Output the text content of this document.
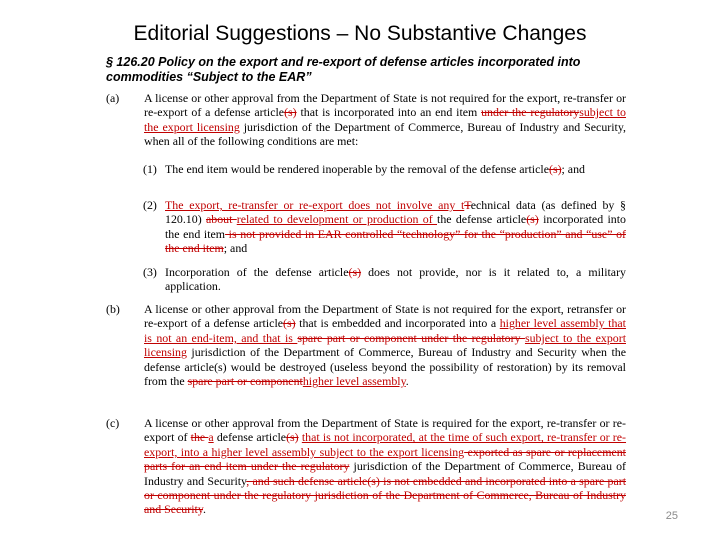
Editorial Suggestions – No Substantive Changes
§ 126.20 Policy on the export and re-export of defense articles incorporated into
commodities “Subject to the EAR”
(a)	A license or other approval from the Department of State is not required for the export, re-transfer or re-export of a defense article(s) that is incorporated into an end item under the regulatorysubject to the export licensing jurisdiction of the Department of Commerce, Bureau of Industry and Security, when all of the following conditions are met:
(1) The end item would be rendered inoperable by the removal of the defense article(s); and
(2) The export, re-transfer or re-export does not involve any tTechnical data (as defined by § 120.10) about related to development or production of the defense article(s) incorporated into the end item is not provided in EAR controlled “technology” for the “production” and “use” of the end item; and
(3) Incorporation of the defense article(s) does not provide, nor is it related to, a military application.
(b)	A license or other approval from the Department of State is not required for the export, retransfer or re-export of a defense article(s) that is embedded and incorporated into a higher level assembly that is not an end-item, and that is spare part or component under the regulatory subject to the export licensing jurisdiction of the Department of Commerce, Bureau of Industry and Security when the defense article(s) would be destroyed (useless beyond the possibility of restoration) by its removal from the spare part or componenthigher level assembly.
(c)	A license or other approval from the Department of State is required for the export, re-transfer or re-export of the a defense article(s) that is not incorporated, at the time of such export, re-transfer or re-export, into a higher level assembly subject to the export licensing exported as spare or replacement parts for an end item under the regulatory jurisdiction of the Department of Commerce, Bureau of Industry and Security, and such defense article(s) is not embedded and incorporated into a spare part or component under the regulatory jurisdiction of the Department of Commerce, Bureau of Industry and Security.	25
